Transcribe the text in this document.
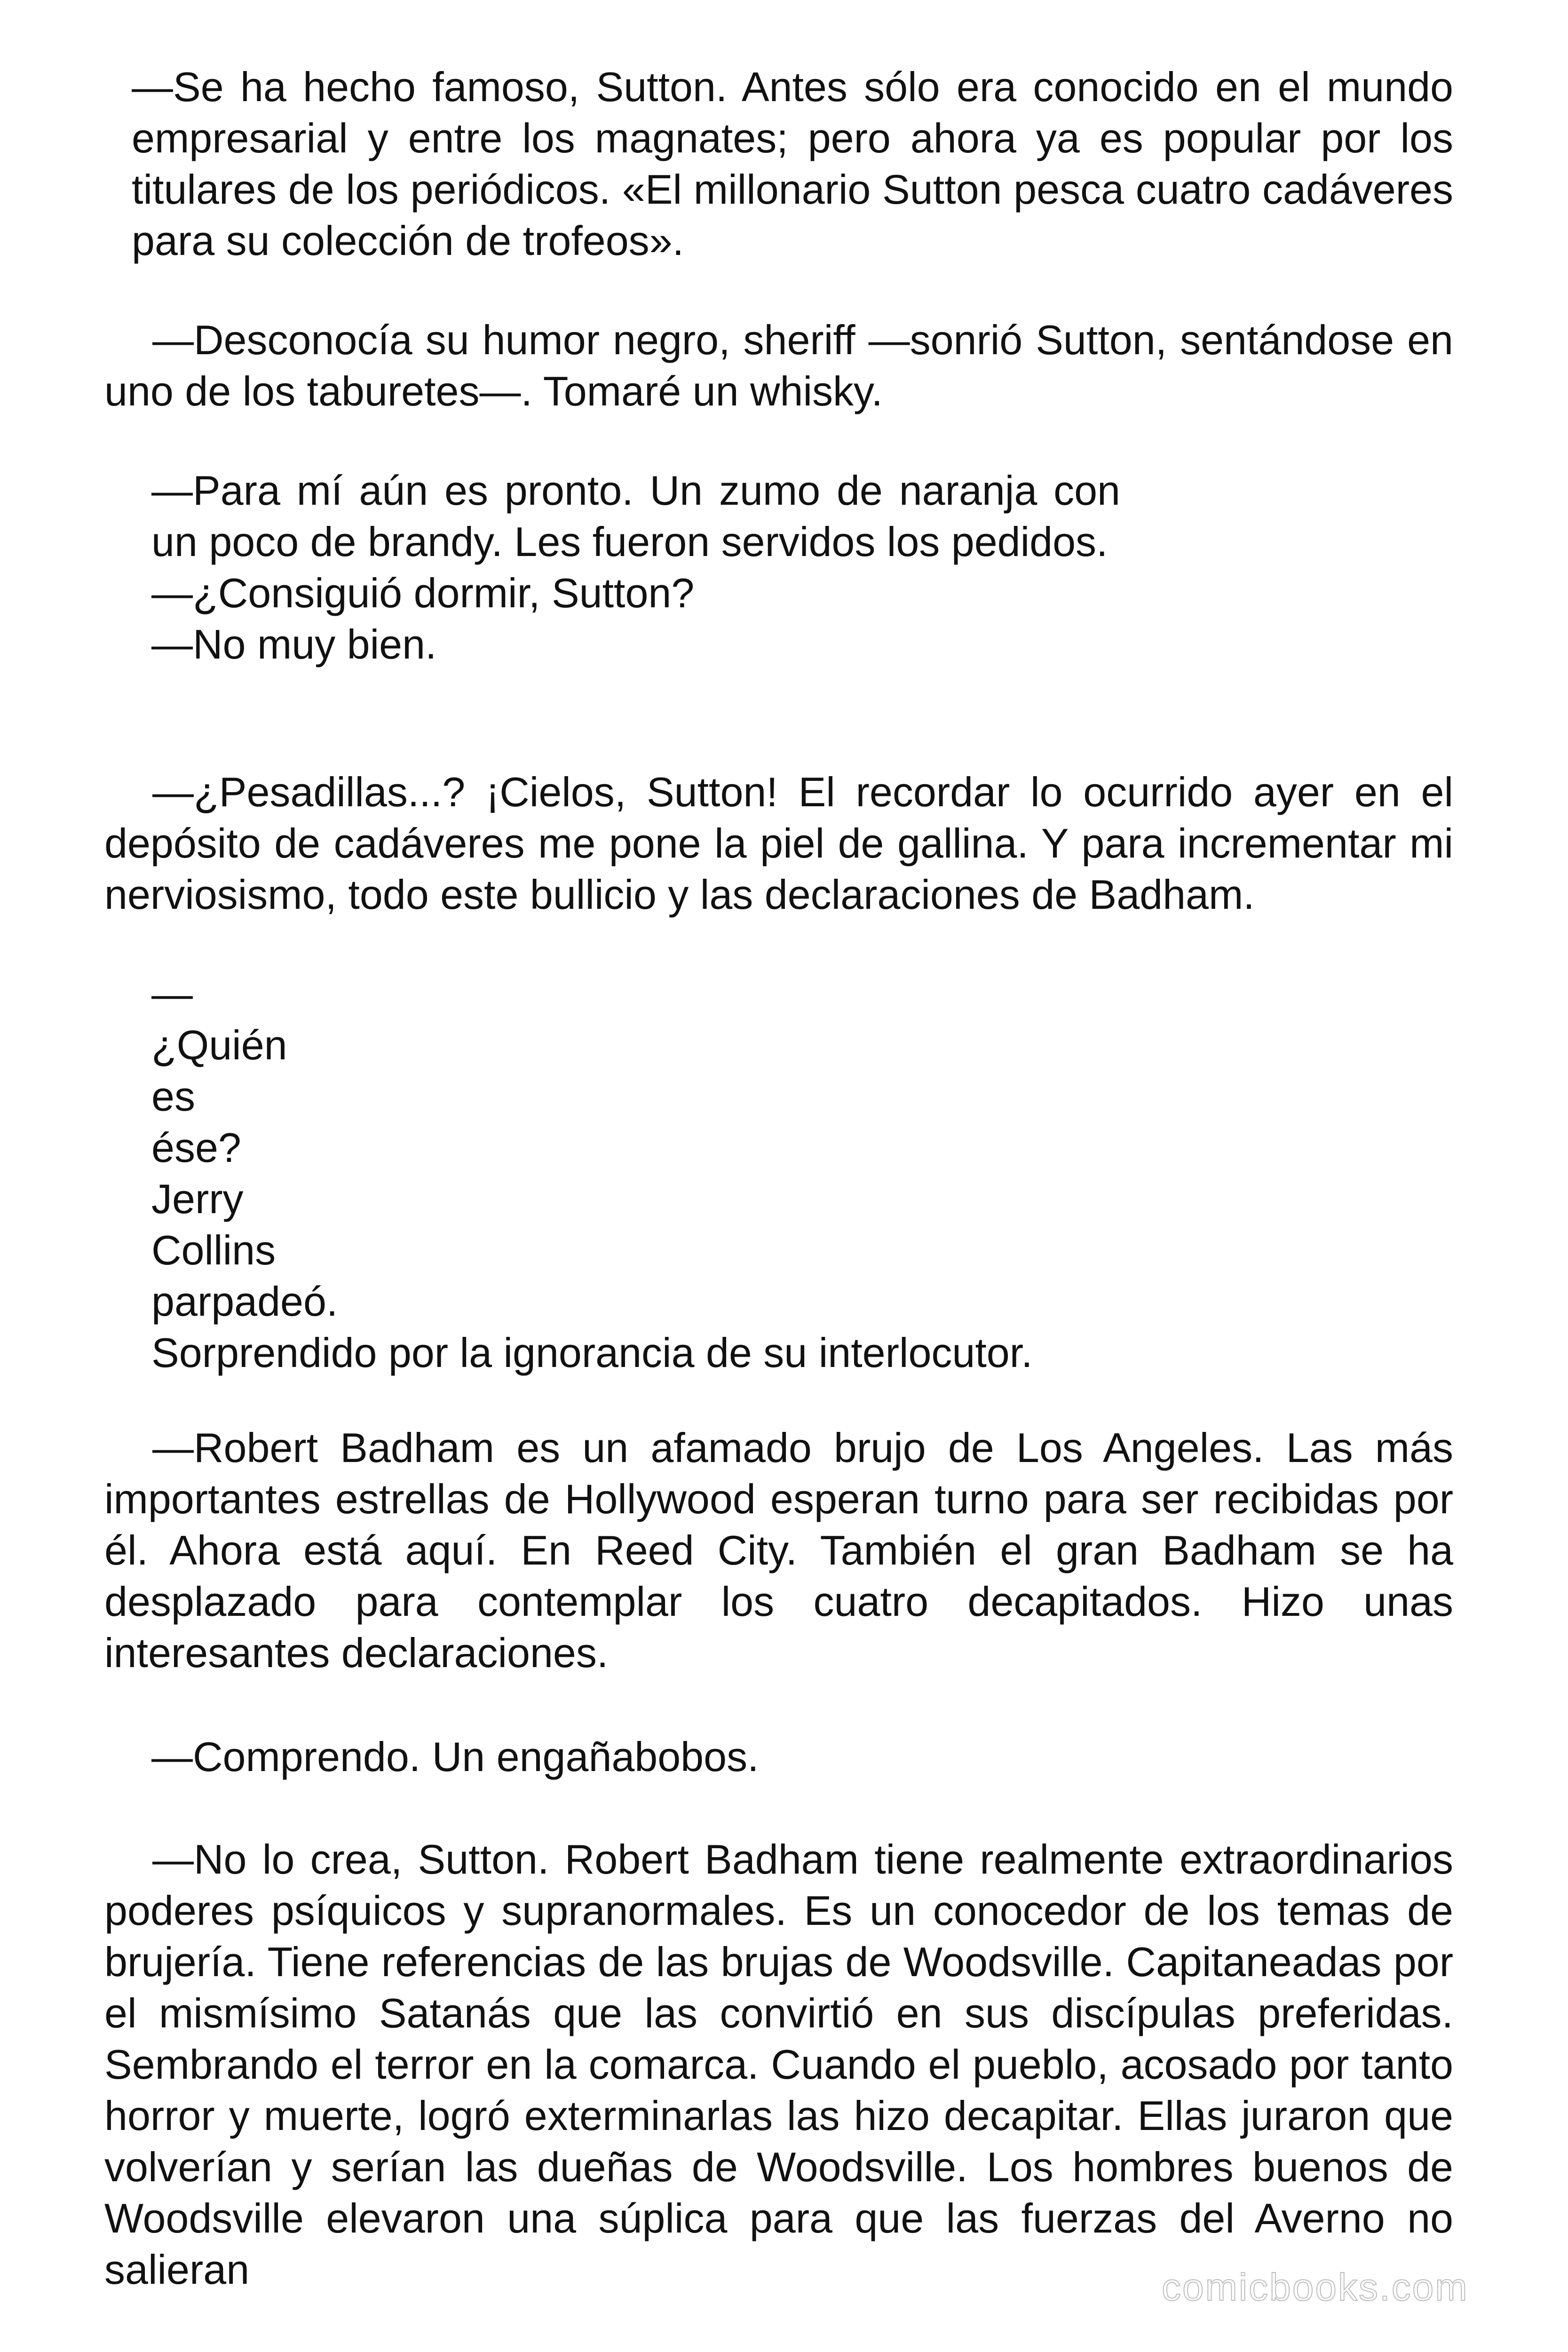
—Se ha hecho famoso, Sutton. Antes sólo era conocido en el mundo empresarial y entre los magnates; pero ahora ya es popular por los titulares de los periódicos. «El millonario Sutton pesca cuatro cadáveres para su colección de trofeos».

—Desconocía su humor negro, sheriff —sonrió Sutton, sentándose en uno de los taburetes—. Tomaré un whisky.

—Para mí aún es pronto. Un zumo de naranja con un poco de brandy. Les fueron servidos los pedidos.
—¿Consiguió dormir, Sutton?
—No muy bien.

—¿Pesadillas...? ¡Cielos, Sutton! El recordar lo ocurrido ayer en el depósito de cadáveres me pone la piel de gallina. Y para incrementar mi nerviosismo, todo este bullicio y las declaraciones de Badham.

—
¿Quién
es
ése?
Jerry
Collins
parpadeó.
Sorprendido por la ignorancia de su interlocutor.

—Robert Badham es un afamado brujo de Los Angeles. Las más importantes estrellas de Hollywood esperan turno para ser recibidas por él. Ahora está aquí. En Reed City. También el gran Badham se ha desplazado para contemplar los cuatro decapitados. Hizo unas interesantes declaraciones.

—Comprendo. Un engañabobos.

—No lo crea, Sutton. Robert Badham tiene realmente extraordinarios poderes psíquicos y supranormales. Es un conocedor de los temas de brujería. Tiene referencias de las brujas de Woodsville. Capitaneadas por el mismísimo Satanás que las convirtió en sus discípulas preferidas. Sembrando el terror en la comarca. Cuando el pueblo, acosado por tanto horror y muerte, logró exterminarlas las hizo decapitar. Ellas juraron que volverían y serían las dueñas de Woodsville. Los hombres buenos de Woodsville elevaron una súplica para que las fuerzas del Averno no salieran	comicbooks.com
